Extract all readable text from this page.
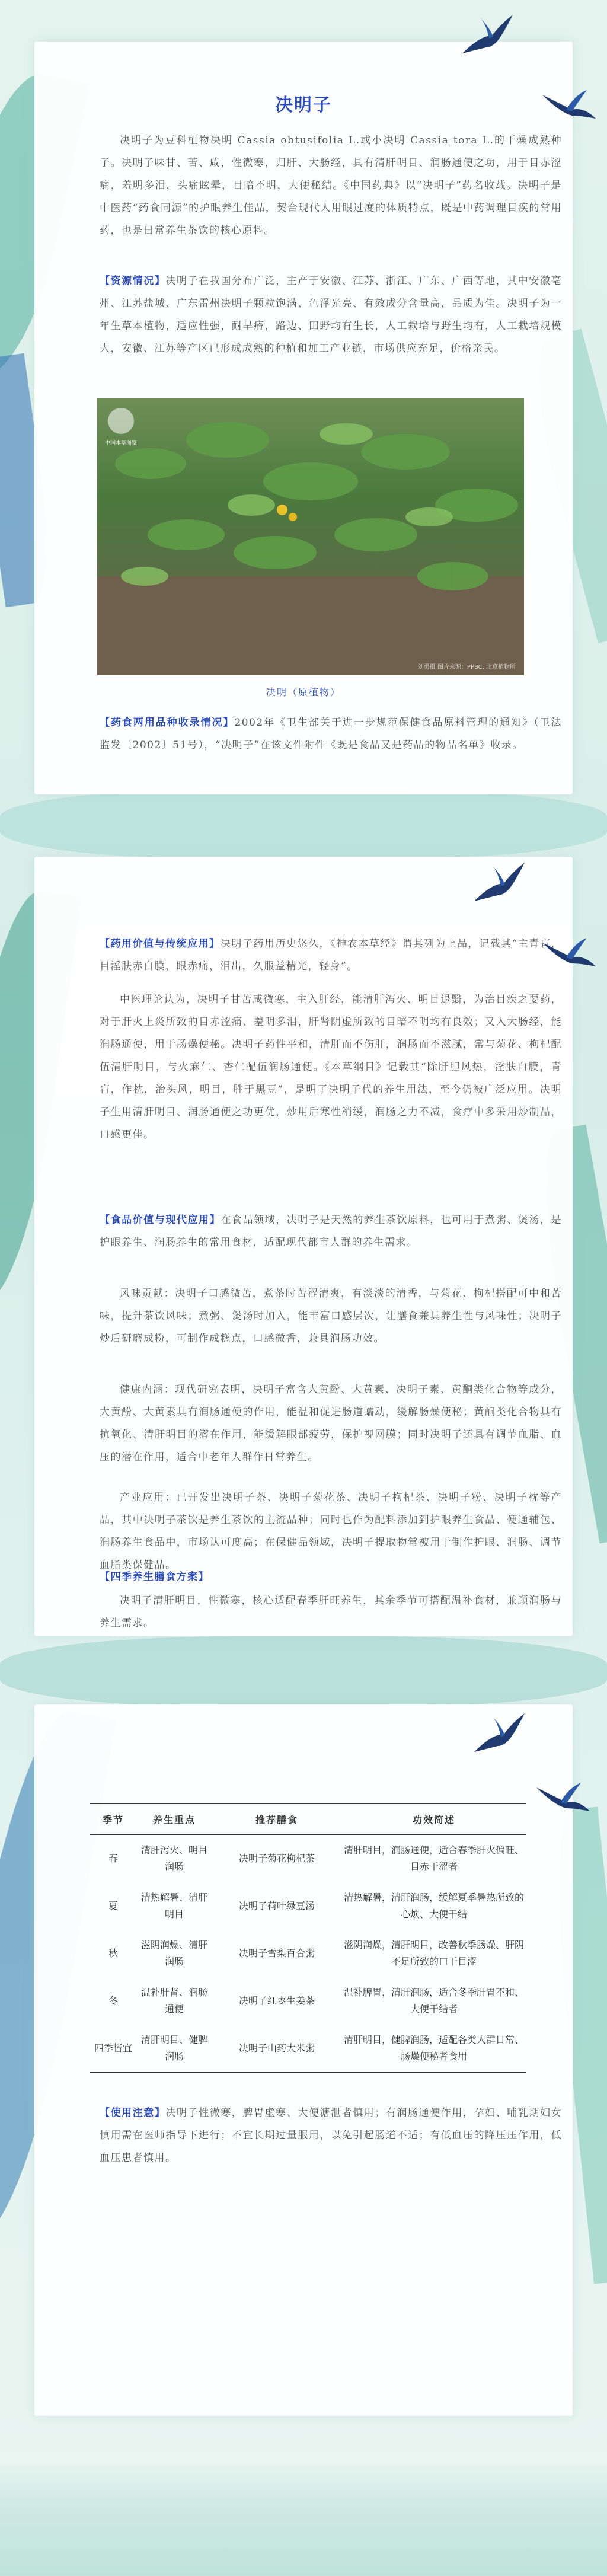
决明子

决明子为豆科植物决明 Cassia obtusifolia L.或小决明 Cassia tora L.的干燥成熟种子。决明子味甘、苦、咸，性微寒，归肝、大肠经，具有清肝明目、润肠通便之功，用于目赤涩痛，羞明多泪，头痛眩晕，目暗不明，大便秘结。《中国药典》以“决明子”药名收载。决明子是中医药“药食同源”的护眼养生佳品，契合现代人用眼过度的体质特点，既是中药调理目疾的常用药，也是日常养生茶饮的核心原料。

【资源情况】决明子在我国分布广泛，主产于安徽、江苏、浙江、广东、广西等地，其中安徽亳州、江苏盐城、广东雷州决明子颗粒饱满、色泽光亮、有效成分含量高，品质为佳。决明子为一年生草本植物，适应性强，耐旱瘠，路边、田野均有生长，人工栽培与野生均有，人工栽培规模大，安徽、江苏等产区已形成成熟的种植和加工产业链，市场供应充足，价格亲民。

中国本草图鉴
刘勇摄 图片来源：PPBC, 北京植物所
决明（原植物）

【药食两用品种收录情况】2002年《卫生部关于进一步规范保健食品原料管理的通知》（卫法监发〔2002〕51号），“决明子”在该文件附件《既是食品又是药品的物品名单》收录。

【药用价值与传统应用】决明子药用历史悠久，《神农本草经》谓其列为上品，记载其“主青盲，目淫肤赤白膜，眼赤痛，泪出，久服益精光，轻身”。

中医理论认为，决明子甘苦咸微寒，主入肝经，能清肝泻火、明目退翳，为治目疾之要药，对于肝火上炎所致的目赤涩痛、羞明多泪，肝肾阴虚所致的目暗不明均有良效；又入大肠经，能润肠通便，用于肠燥便秘。决明子药性平和，清肝而不伤肝，润肠而不滋腻，常与菊花、枸杞配伍清肝明目，与火麻仁、杏仁配伍润肠通便。《本草纲目》记载其“除肝胆风热，淫肤白膜，青盲，作枕，治头风，明目，胜于黑豆”，是明了决明子代的养生用法，至今仍被广泛应用。决明子生用清肝明目、润肠通便之功更优，炒用后寒性稍缓，润肠之力不减，食疗中多采用炒制品，口感更佳。

【食品价值与现代应用】在食品领域，决明子是天然的养生茶饮原料，也可用于煮粥、煲汤，是护眼养生、润肠养生的常用食材，适配现代都市人群的养生需求。

风味贡献：决明子口感微苦，煮茶时苦涩清爽，有淡淡的清香，与菊花、枸杞搭配可中和苦味，提升茶饮风味；煮粥、煲汤时加入，能丰富口感层次，让膳食兼具养生性与风味性；决明子炒后研磨成粉，可制作成糕点，口感微香，兼具润肠功效。

健康内涵：现代研究表明，决明子富含大黄酚、大黄素、决明子素、黄酮类化合物等成分，大黄酚、大黄素具有润肠通便的作用，能温和促进肠道蠕动，缓解肠燥便秘；黄酮类化合物具有抗氧化、清肝明目的潜在作用，能缓解眼部疲劳，保护视网膜；同时决明子还具有调节血脂、血压的潜在作用，适合中老年人群作日常养生。

产业应用：已开发出决明子茶、决明子菊花茶、决明子枸杞茶、决明子粉、决明子枕等产品，其中决明子茶饮是养生茶饮的主流品种；同时也作为配料添加到护眼养生食品、便通辅包、润肠养生食品中，市场认可度高；在保健品领域，决明子提取物常被用于制作护眼、润肠、调节血脂类保健品。

【四季养生膳食方案】

决明子清肝明目，性微寒，核心适配春季肝旺养生，其余季节可搭配温补食材，兼顾润肠与养生需求。

季节	养生重点	推荐膳食	功效简述
春	清肝泻火、明目润肠	决明子菊花枸杞茶	清肝明目，润肠通便，适合春季肝火偏旺、目赤干涩者
夏	清热解暑、清肝明目	决明子荷叶绿豆汤	清热解暑，清肝润肠，缓解夏季暑热所致的心烦、大便干结
秋	滋阴润燥、清肝润肠	决明子雪梨百合粥	滋阴润燥，清肝明目，改善秋季肠燥、肝阴不足所致的口干目涩
冬	温补肝肾、润肠通便	决明子红枣生姜茶	温补脾胃，清肝润肠，适合冬季肝胃不和、大便干结者
四季皆宜	清肝明目、健脾润肠	决明子山药大米粥	清肝明目，健脾润肠，适配各类人群日常、肠燥便秘者食用

【使用注意】决明子性微寒，脾胃虚寒、大便溏泄者慎用；有润肠通便作用，孕妇、哺乳期妇女慎用需在医师指导下进行；不宜长期过量服用，以免引起肠道不适；有低血压的降压压作用，低血压患者慎用。
